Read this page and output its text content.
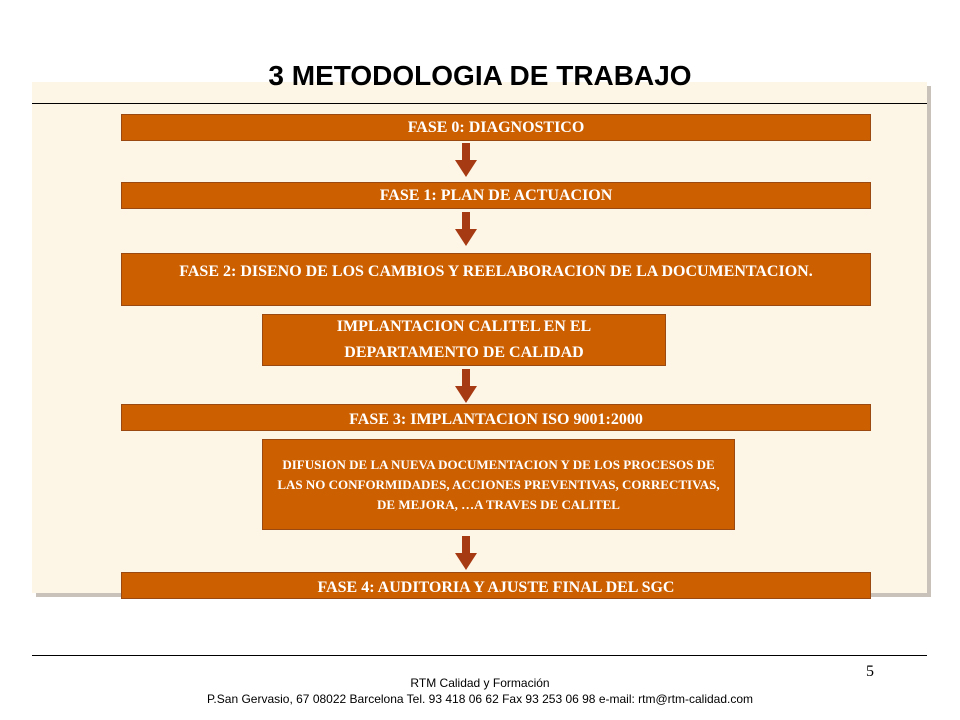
3 METODOLOGIA DE TRABAJO
FASE 0: DIAGNOSTICO
FASE 1: PLAN DE ACTUACION
FASE 2: DISENO DE LOS CAMBIOS Y REELABORACION DE LA DOCUMENTACION.
IMPLANTACION CALITEL EN EL DEPARTAMENTO DE CALIDAD
FASE 3: IMPLANTACION ISO 9001:2000
DIFUSION DE LA NUEVA DOCUMENTACION Y DE LOS PROCESOS DE LAS NO CONFORMIDADES, ACCIONES PREVENTIVAS, CORRECTIVAS, DE MEJORA, …A TRAVES DE CALITEL
FASE 4: AUDITORIA Y AJUSTE FINAL DEL SGC
5
RTM Calidad y Formación
P.San Gervasio, 67 08022 Barcelona Tel. 93 418 06 62 Fax 93 253 06 98 e-mail: rtm@rtm-calidad.com
